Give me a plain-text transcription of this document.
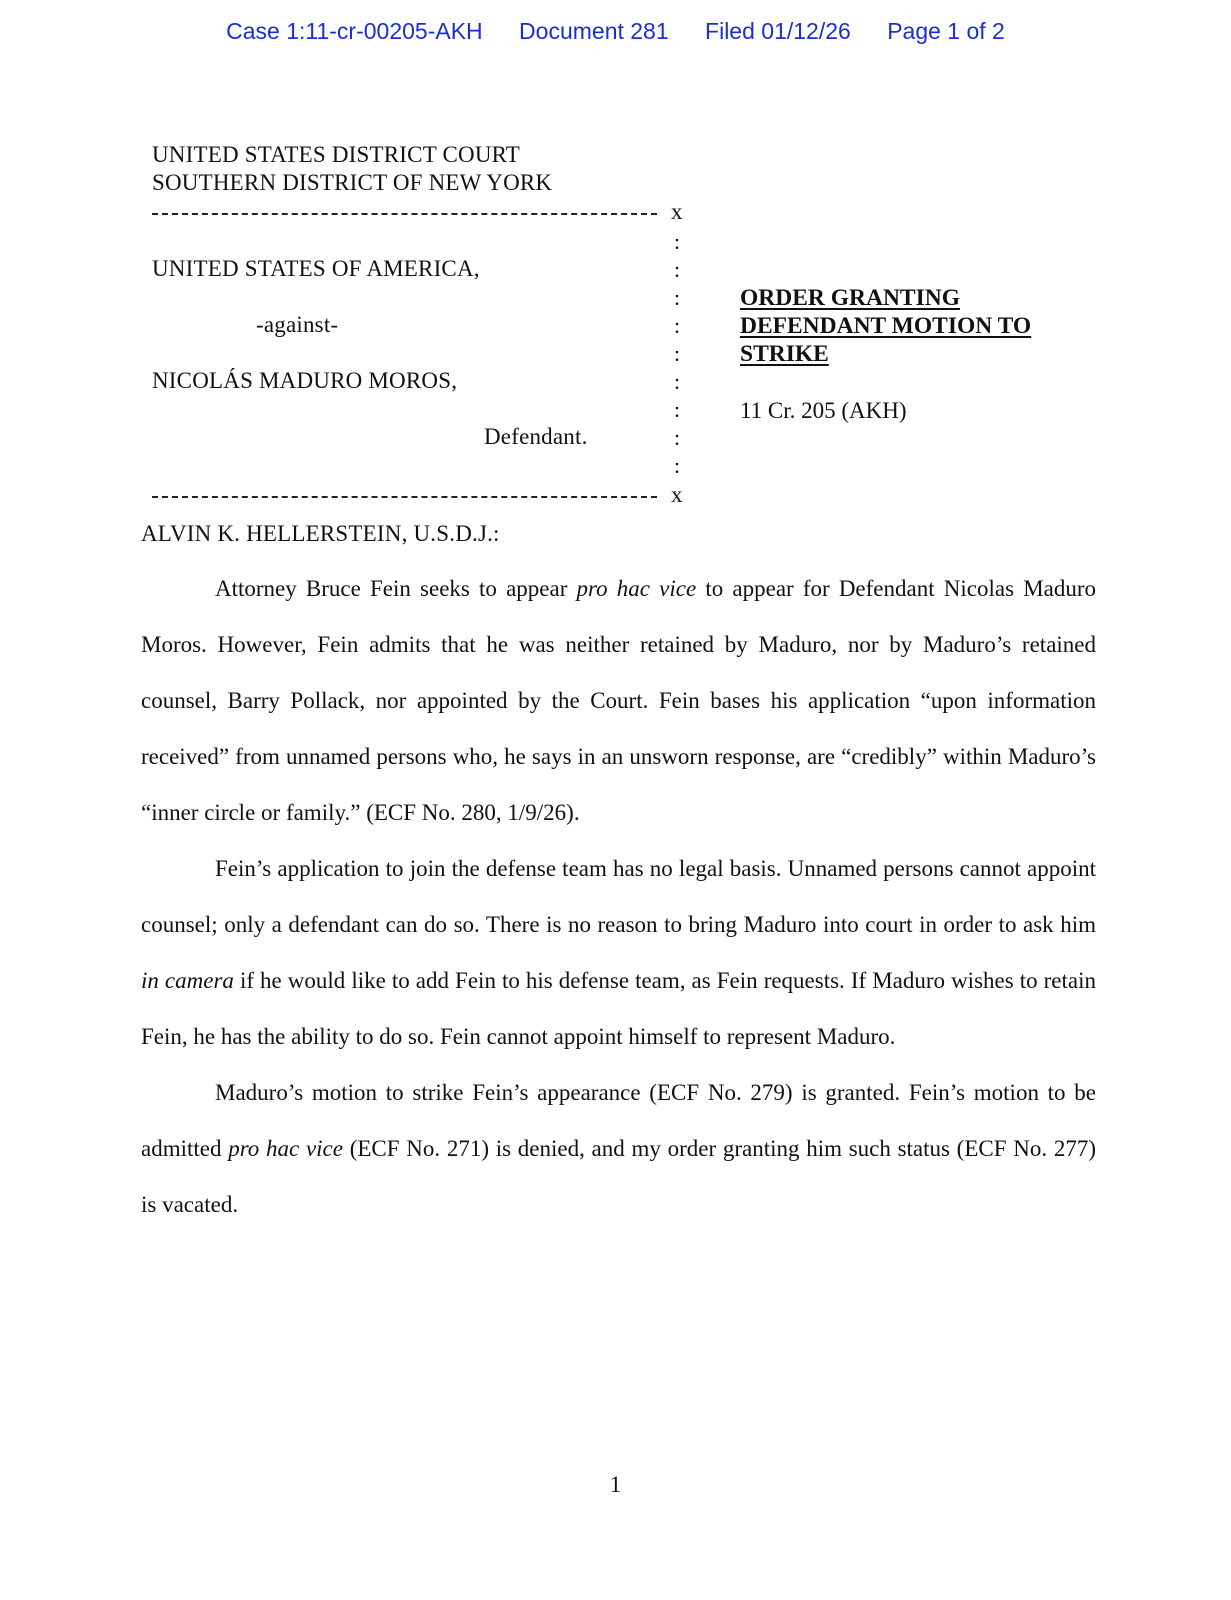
Case 1:11-cr-00205-AKH Document 281 Filed 01/12/26 Page 1 of 2
UNITED STATES DISTRICT COURT
SOUTHERN DISTRICT OF NEW YORK
x
:
:
:
:
:
:
:
:
:
UNITED STATES OF AMERICA,
-against-
NICOLÁS MADURO MOROS,
Defendant.
x
ORDER GRANTING
DEFENDANT MOTION TO
STRIKE
11 Cr. 205 (AKH)
ALVIN K. HELLERSTEIN, U.S.D.J.:

Attorney Bruce Fein seeks to appear pro hac vice to appear for Defendant Nicolas Maduro Moros. However, Fein admits that he was neither retained by Maduro, nor by Maduro’s retained counsel, Barry Pollack, nor appointed by the Court. Fein bases his application “upon information received” from unnamed persons who, he says in an unsworn response, are “credibly” within Maduro’s “inner circle or family.” (ECF No. 280, 1/9/26).

Fein’s application to join the defense team has no legal basis. Unnamed persons cannot appoint counsel; only a defendant can do so. There is no reason to bring Maduro into court in order to ask him in camera if he would like to add Fein to his defense team, as Fein requests. If Maduro wishes to retain Fein, he has the ability to do so. Fein cannot appoint himself to represent Maduro.

Maduro’s motion to strike Fein’s appearance (ECF No. 279) is granted. Fein’s motion to be admitted pro hac vice (ECF No. 271) is denied, and my order granting him such status (ECF No. 277) is vacated.

1
